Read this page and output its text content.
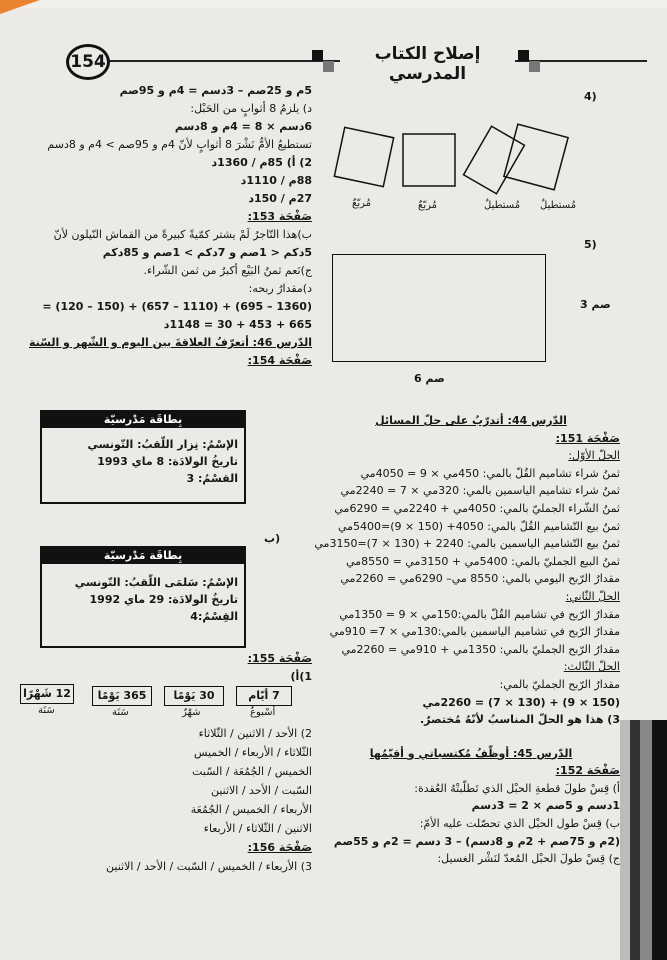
إصلاح الكتاب المدرسي
154
5م و 25صم – 3دسم = 4م و 95صم
د) يلزمُ 8 أثوابٍ من الحَبْل:
6دسم × 8 = 4م و 8دسم
تستطيعُ الأمُّ نَشْرَ 8 أثوابٍ لأنّ 4م و 95صم > 4م و 8دسم
2) أ) 85م / 1360د
88م / 1110د
27م / 150د
صَفْحَة 153:
ب)هذا التّاجرُ لَمْ يشتر كمّيةً كبيرةً من القماش النّيلون لأنّ
5دكم < 1صم و 7دكم > 1صم و 85دكم
ج)نَعم ثمنُ البَيْع أكبرُ من ثمن الشّراء.
د)مقدارُ ربحه:
(1360 – 695) + (1110 – 657) + (150 – 120) =
665 + 453 + 30 = 1148د
الدّرس 46: أتعرّفُ العلاقةَ بين اليوم و الشّهر و السّنة
صَفْحَة 154:
بِطاقَة مَدْرسيّة
الإسْمُ: نِزار اللّقبُ: التّونسي
تاريخُ الولادَة: 8 ماي 1993
القسْمُ: 3
ب)
بِطاقَة مَدْرسيّة
الإسْمُ: سَلمَى اللّقبُ: التّونسي
تاريخُ الولادَة: 29 ماي 1992
القِسْمُ:4
صَفْحَة 155:
1)أ)
7 أيّام
30 يَوْمًا
365 يَوْمًا
12 شَهْرًا
أسْبوعٌ
شهْرٌ
سَنَة
سَنَة
2) الأحد / الاثنين / الثّلاثاء
الثّلاثاء / الأربعاء / الخميس
الخميس / الجُمُعَة / السّبت
السّبت / الأحد / الاثنين
الأربعاء / الخميس / الجُمُعَة
الاثنين / الثّلاثاء / الأربعاء
صَفْحَة 156:
3) الأربعاء / الخميس / السّبت / الأحد / الاثنين
4)
مُستطيلٌ
مُستطيلٌ
مُربّعٌ
مُربّعٌ
5)
3 صم
6 صم
الدّرس 44: أتدرّبُ على حلّ المسائل
صَفْحَة 151:
الحلّ الأوّل:
ثمنُ شراء تشاميم القُلّ بالمي: 450مي × 9 = 4050مي
ثمنُ شراء تشاميم الياسمين بالمي: 320مي × 7 = 2240مي
ثمنُ الشّراء الجمليّ بالمي: 4050مي + 2240مي = 6290مي
ثمنُ بيع التّشاميم القُلّ بالمي: 4050+ (150 × 9)=5400مي
ثمنُ بيع التّشاميم الياسمين بالمي: 2240 + (130 × 7)=3150مي
ثمنُ البيع الجمليّ بالمي: 5400مي + 3150مي = 8550مي
مقدارُ الرّبح اليومي بالمي: 8550 مي– 6290مي = 2260مي
الحلّ الثّاني:
مقدارُ الرّبح في تشاميم القُلّ بالمي:150مي × 9 = 1350مي
مقدارُ الرّبح في تشاميم الياسمين بالمي:130مي × 7= 910مي
مقدارُ الرّبح الجمليّ بالمي: 1350مي + 910مي = 2260مي
الحلّ الثّالث:
مقدارُ الرّبح الجمليّ بالمي:
(150 × 9) + (130 × 7) = 2260مي
3) هذا هو الحلّ المناسبُ لأنّهُ مُختصرٌ.
الدّرس 45: أوظّفُ مُكتسباتي و أقيّمُها
صَفْحَة 152:
أ) قِسْ طولَ قطعةِ الحبْل الذي تَطلّبتْهُ العُقدة:
1دسم و 5صم × 2 = 3دسم
ب) قِسْ طول الحبْل الذي تحصّلت عليه الأمّ:
(2م و 75صم + 2م و 8دسم) – 3 دسم = 2م و 55صم
ج) قِسْ طولَ الحبْل المُعدّ لنَشْر الغسيل:
